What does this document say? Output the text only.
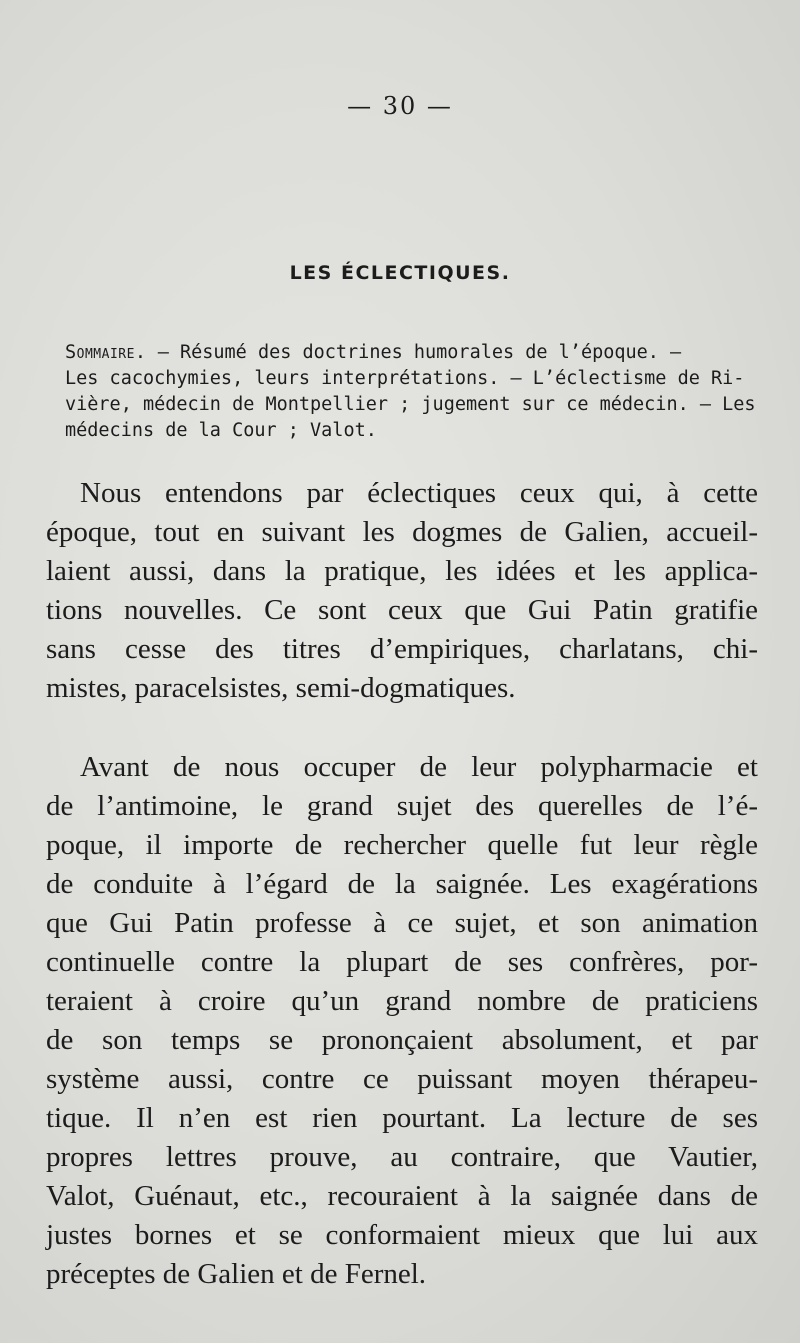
— 30 —
LES ÉCLECTIQUES.
Sommaire. — Résumé des doctrines humorales de l’époque. —
Les cacochymies, leurs interprétations. — L’éclectisme de Ri-
vière, médecin de Montpellier ; jugement sur ce médecin. — Les
médecins de la Cour ; Valot.
Nous entendons par éclectiques ceux qui, à cette
époque, tout en suivant les dogmes de Galien, accueil-
laient aussi, dans la pratique, les idées et les applica-
tions nouvelles. Ce sont ceux que Gui Patin gratifie
sans cesse des titres d’empiriques, charlatans, chi-
mistes, paracelsistes, semi-dogmatiques.
Avant de nous occuper de leur polypharmacie et
de l’antimoine, le grand sujet des querelles de l’é-
poque, il importe de rechercher quelle fut leur règle
de conduite à l’égard de la saignée. Les exagérations
que Gui Patin professe à ce sujet, et son animation
continuelle contre la plupart de ses confrères, por-
teraient à croire qu’un grand nombre de praticiens
de son temps se prononçaient absolument, et par
système aussi, contre ce puissant moyen thérapeu-
tique. Il n’en est rien pourtant. La lecture de ses
propres lettres prouve, au contraire, que Vautier,
Valot, Guénaut, etc., recouraient à la saignée dans de
justes bornes et se conformaient mieux que lui aux
préceptes de Galien et de Fernel.
